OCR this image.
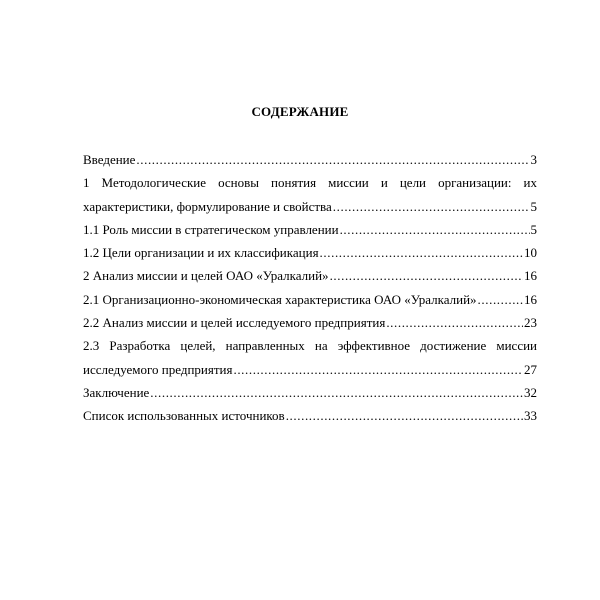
СОДЕРЖАНИЕ
Введение .....	3
1 Методологические основы понятия миссии и цели организации: их
характеристики, формулирование и свойства .....	5
1.1 Роль миссии в стратегическом управлении .....	5
1.2 Цели организации и их классификация .....	10
2 Анализ миссии и целей ОАО «Уралкалий» .....	16
2.1 Организационно-экономическая характеристика ОАО «Уралкалий» .....	16
2.2 Анализ миссии и целей исследуемого предприятия .....	23
2.3 Разработка целей, направленных на эффективное достижение миссии
исследуемого предприятия .....	27
Заключение .....	32
Список использованных источников .....	33
